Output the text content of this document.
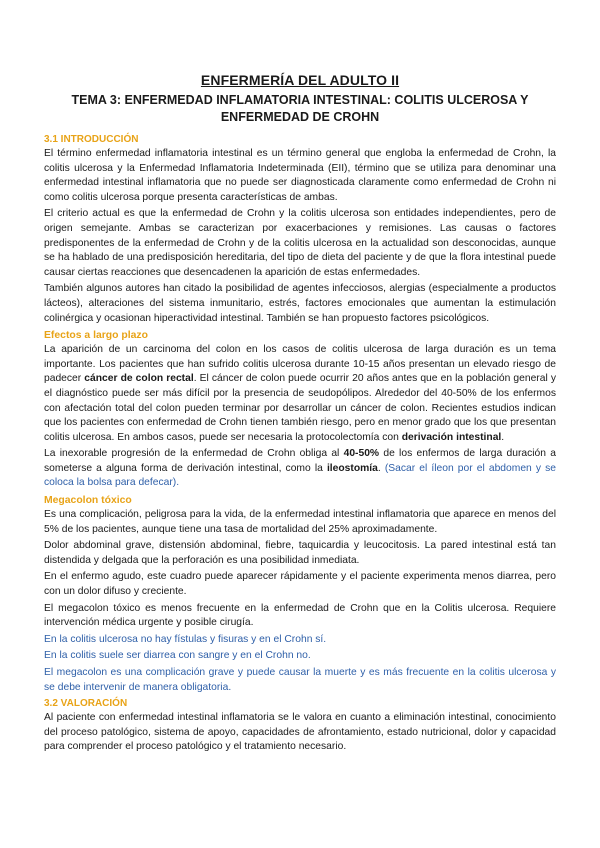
ENFERMERÍA DEL ADULTO II
TEMA 3: ENFERMEDAD INFLAMATORIA INTESTINAL: COLITIS ULCEROSA Y ENFERMEDAD DE CROHN
3.1 INTRODUCCIÓN

El término enfermedad inflamatoria intestinal es un término general que engloba la enfermedad de Crohn, la colitis ulcerosa y la Enfermedad Inflamatoria Indeterminada (EII), término que se utiliza para denominar una enfermedad intestinal inflamatoria que no puede ser diagnosticada claramente como enfermedad de Crohn ni como colitis ulcerosa porque presenta características de ambas.

El criterio actual es que la enfermedad de Crohn y la colitis ulcerosa son entidades independientes, pero de origen semejante. Ambas se caracterizan por exacerbaciones y remisiones. Las causas o factores predisponentes de la enfermedad de Crohn y de la colitis ulcerosa en la actualidad son desconocidas, aunque se ha hablado de una predisposición hereditaria, del tipo de dieta del paciente y de que la flora intestinal puede causar ciertas reacciones que desencadenen la aparición de estas enfermedades.

También algunos autores han citado la posibilidad de agentes infecciosos, alergias (especialmente a productos lácteos), alteraciones del sistema inmunitario, estrés, factores emocionales que aumentan la estimulación colinérgica y ocasionan hiperactividad intestinal. También se han propuesto factores psicológicos.

Efectos a largo plazo

La aparición de un carcinoma del colon en los casos de colitis ulcerosa de larga duración es un tema importante. Los pacientes que han sufrido colitis ulcerosa durante 10-15 años presentan un elevado riesgo de padecer cáncer de colon rectal. El cáncer de colon puede ocurrir 20 años antes que en la población general y el diagnóstico puede ser más difícil por la presencia de seudopólipos. Alrededor del 40-50% de los enfermos con afectación total del colon pueden terminar por desarrollar un cáncer de colon. Recientes estudios indican que los pacientes con enfermedad de Crohn tienen también riesgo, pero en menor grado que los que presentan colitis ulcerosa. En ambos casos, puede ser necesaria la protocolectomía con derivación intestinal.

La inexorable progresión de la enfermedad de Crohn obliga al 40-50% de los enfermos de larga duración a someterse a alguna forma de derivación intestinal, como la ileostomía. (Sacar el íleon por el abdomen y se coloca la bolsa para defecar).

Megacolon tóxico

Es una complicación, peligrosa para la vida, de la enfermedad intestinal inflamatoria que aparece en menos del 5% de los pacientes, aunque tiene una tasa de mortalidad del 25% aproximadamente.

Dolor abdominal grave, distensión abdominal, fiebre, taquicardia y leucocitosis. La pared intestinal está tan distendida y delgada que la perforación es una posibilidad inmediata.

En el enfermo agudo, este cuadro puede aparecer rápidamente y el paciente experimenta menos diarrea, pero con un dolor difuso y creciente.

El megacolon tóxico es menos frecuente en la enfermedad de Crohn que en la Colitis ulcerosa. Requiere intervención médica urgente y posible cirugía.

En la colitis ulcerosa no hay fístulas y fisuras y en el Crohn sí.

En la colitis suele ser diarrea con sangre y en el Crohn no.

El megacolon es una complicación grave y puede causar la muerte y es más frecuente en la colitis ulcerosa y se debe intervenir de manera obligatoria.

3.2 VALORACIÓN

Al paciente con enfermedad intestinal inflamatoria se le valora en cuanto a eliminación intestinal, conocimiento del proceso patológico, sistema de apoyo, capacidades de afrontamiento, estado nutricional, dolor y capacidad para comprender el proceso patológico y el tratamiento necesario.
